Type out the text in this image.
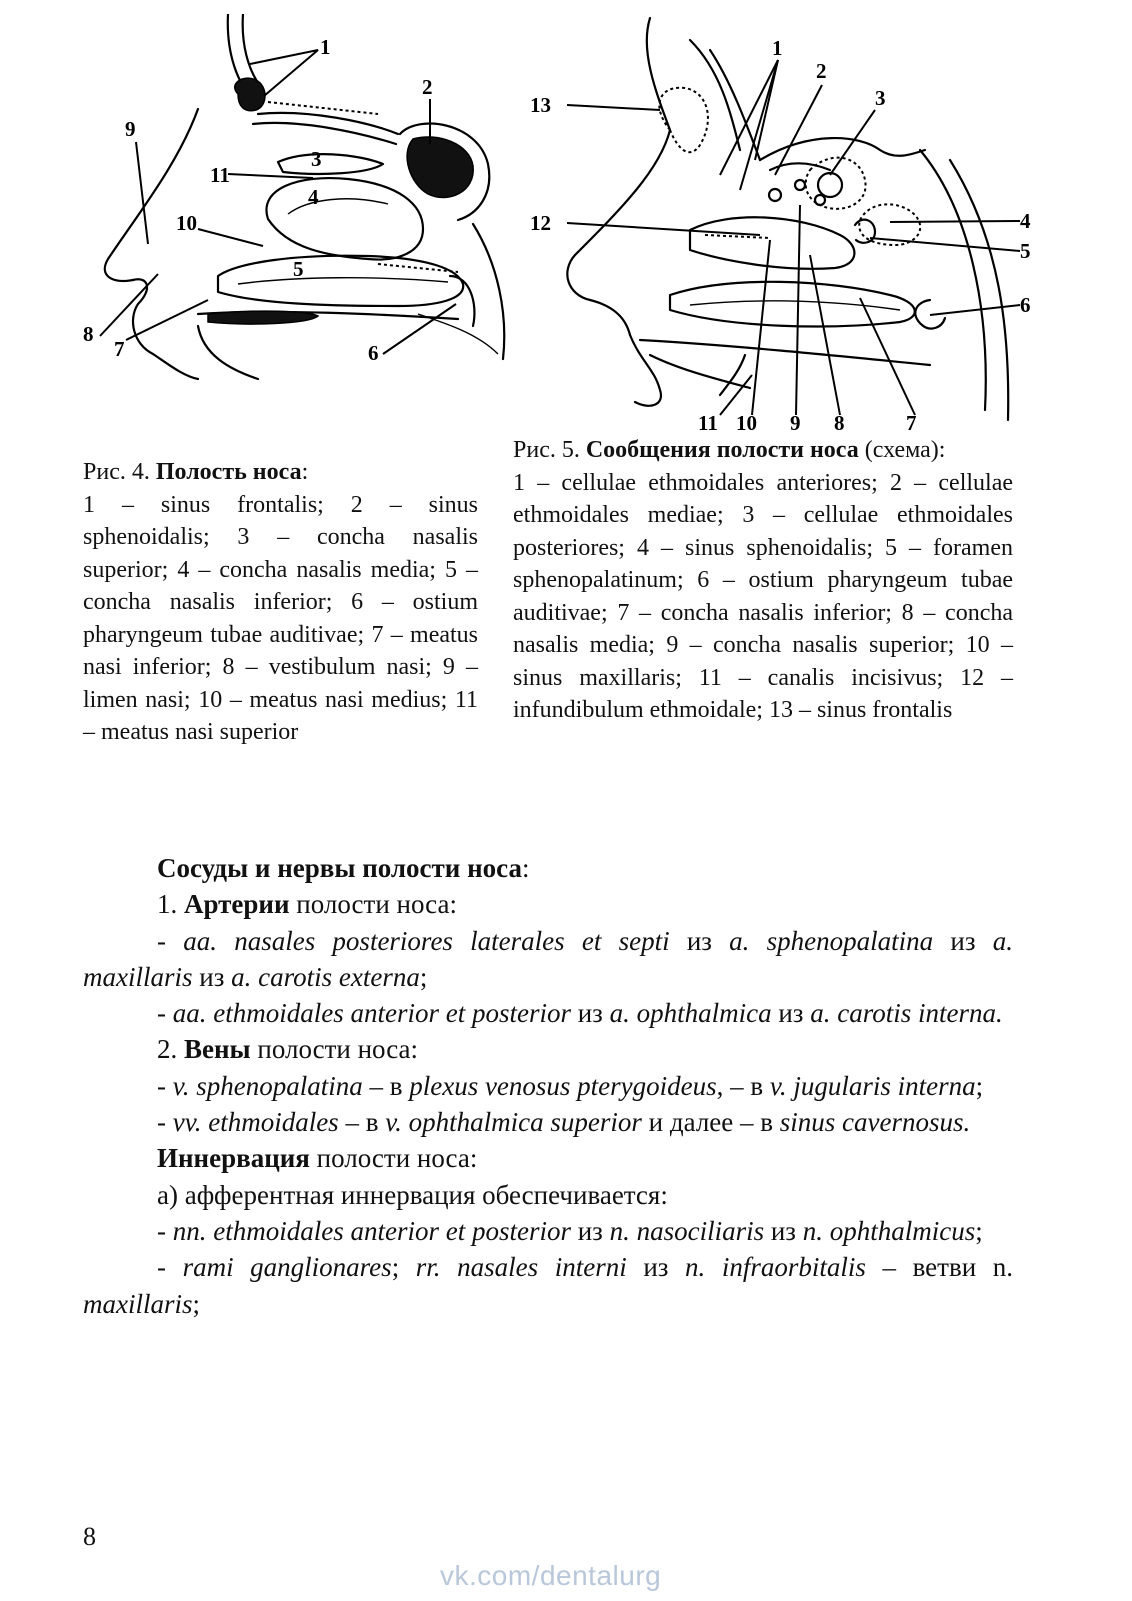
1
2
3
4
5
6
7
8
9
10
11
1
2
3
4
5
6
7
8
9
10
11
12
13
Рис. 4. Полость носа:
1 – sinus frontalis; 2 – sinus sphenoidalis; 3 – concha nasalis superior; 4 – concha nasalis media; 5 – concha nasalis inferior; 6 – ostium pharyngeum tubae auditivae; 7 – meatus nasi inferior; 8 – vestibulum nasi; 9 – limen nasi; 10 – meatus nasi medius; 11 – meatus nasi superior
Рис. 5. Сообщения полости носа (схема):
1 – cellulae ethmoidales anteriores; 2 – cellulae ethmoidales mediae; 3 – cellulae ethmoidales posteriores; 4 – sinus sphenoidalis; 5 – foramen sphenopalatinum; 6 – ostium pharyngeum tubae auditivae; 7 – concha nasalis inferior; 8 – concha nasalis media; 9 – concha nasalis superior; 10 – sinus maxillaris; 11 – canalis incisivus; 12 – infundibulum ethmoidale; 13 – sinus frontalis

Сосуды и нервы полости носа:

1. Артерии полости носа:

- aa. nasales posteriores laterales et septi из a. sphenopalatina из a. maxillaris из a. carotis externa;

- aa. ethmoidales anterior et posterior из a. ophthalmica из a. carotis interna.

2. Вены полости носа:

- v. sphenopalatina – в plexus venosus pterygoideus, – в v. jugularis interna;

- vv. ethmoidales – в v. ophthalmica superior и далее – в sinus cavernosus.

Иннервация полости носа:

а) афферентная иннервация обеспечивается:

- nn. ethmoidales anterior et posterior из n. nasociliaris из n. ophthalmicus;

- rami ganglionares; rr. nasales interni из n. infraorbitalis – ветви n. maxillaris;

8
vk.com/dentalurg
